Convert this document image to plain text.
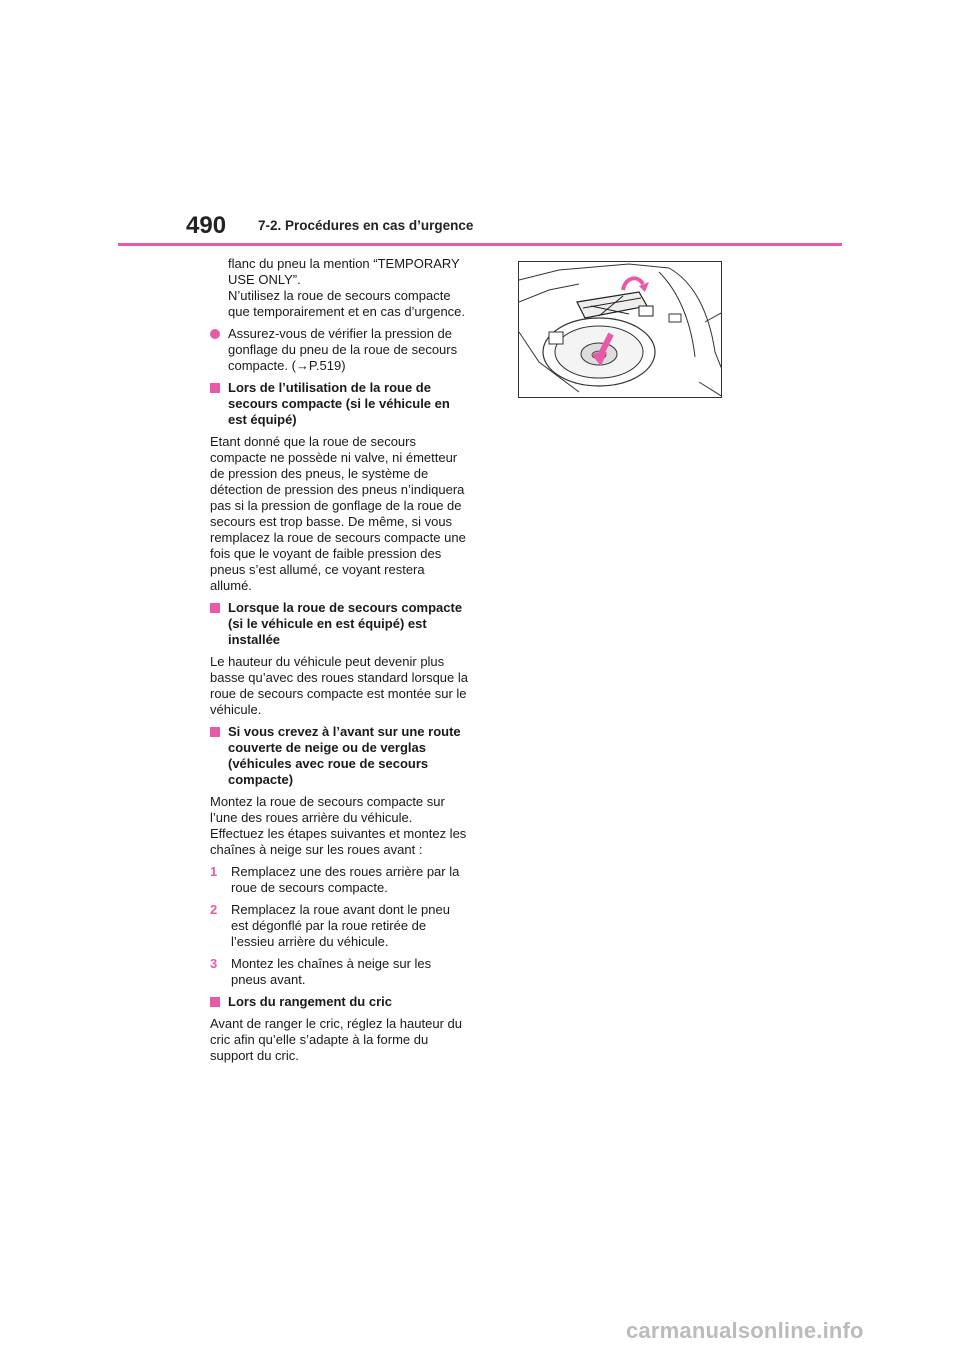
490 7-2. Procédures en cas d’urgence

flanc du pneu la mention “TEMPORARY USE ONLY”.
N’utilisez la roue de secours compacte que temporairement et en cas d’urgence.

Assurez-vous de vérifier la pression de gonflage du pneu de la roue de secours compacte. (→P.519)

Lors de l’utilisation de la roue de secours compacte (si le véhicule en est équipé)

Etant donné que la roue de secours compacte ne possède ni valve, ni émetteur de pression des pneus, le système de détection de pression des pneus n’indiquera pas si la pression de gonflage de la roue de secours est trop basse. De même, si vous remplacez la roue de secours compacte une fois que le voyant de faible pression des pneus s’est allumé, ce voyant restera allumé.

Lorsque la roue de secours compacte (si le véhicule en est équipé) est installée

Le hauteur du véhicule peut devenir plus basse qu’avec des roues standard lorsque la roue de secours compacte est montée sur le véhicule.

Si vous crevez à l’avant sur une route couverte de neige ou de verglas (véhicules avec roue de secours compacte)

Montez la roue de secours compacte sur l’une des roues arrière du véhicule. Effectuez les étapes suivantes et montez les chaînes à neige sur les roues avant :

1 Remplacez une des roues arrière par la roue de secours compacte.
2 Remplacez la roue avant dont le pneu est dégonflé par la roue retirée de l’essieu arrière du véhicule.
3 Montez les chaînes à neige sur les pneus avant.

Lors du rangement du cric

Avant de ranger le cric, réglez la hauteur du cric afin qu’elle s’adapte à la forme du support du cric.

carmanualsonline.info
